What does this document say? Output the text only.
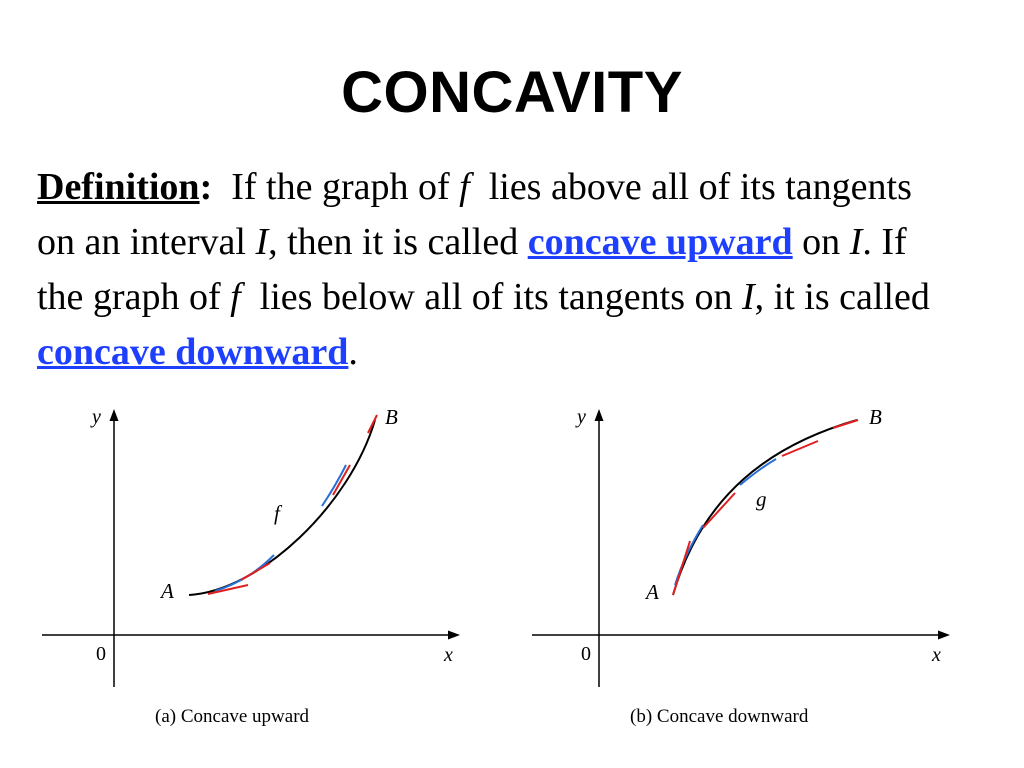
CONCAVITY

Definition: If the graph of f lies above all of its tangents on an interval I, then it is called concave upward on I. If the graph of f lies below all of its tangents on I, it is called concave downward.

y
x
0
A
B
f
(a) Concave upward
y
x
0
A
B
g
(b) Concave downward
